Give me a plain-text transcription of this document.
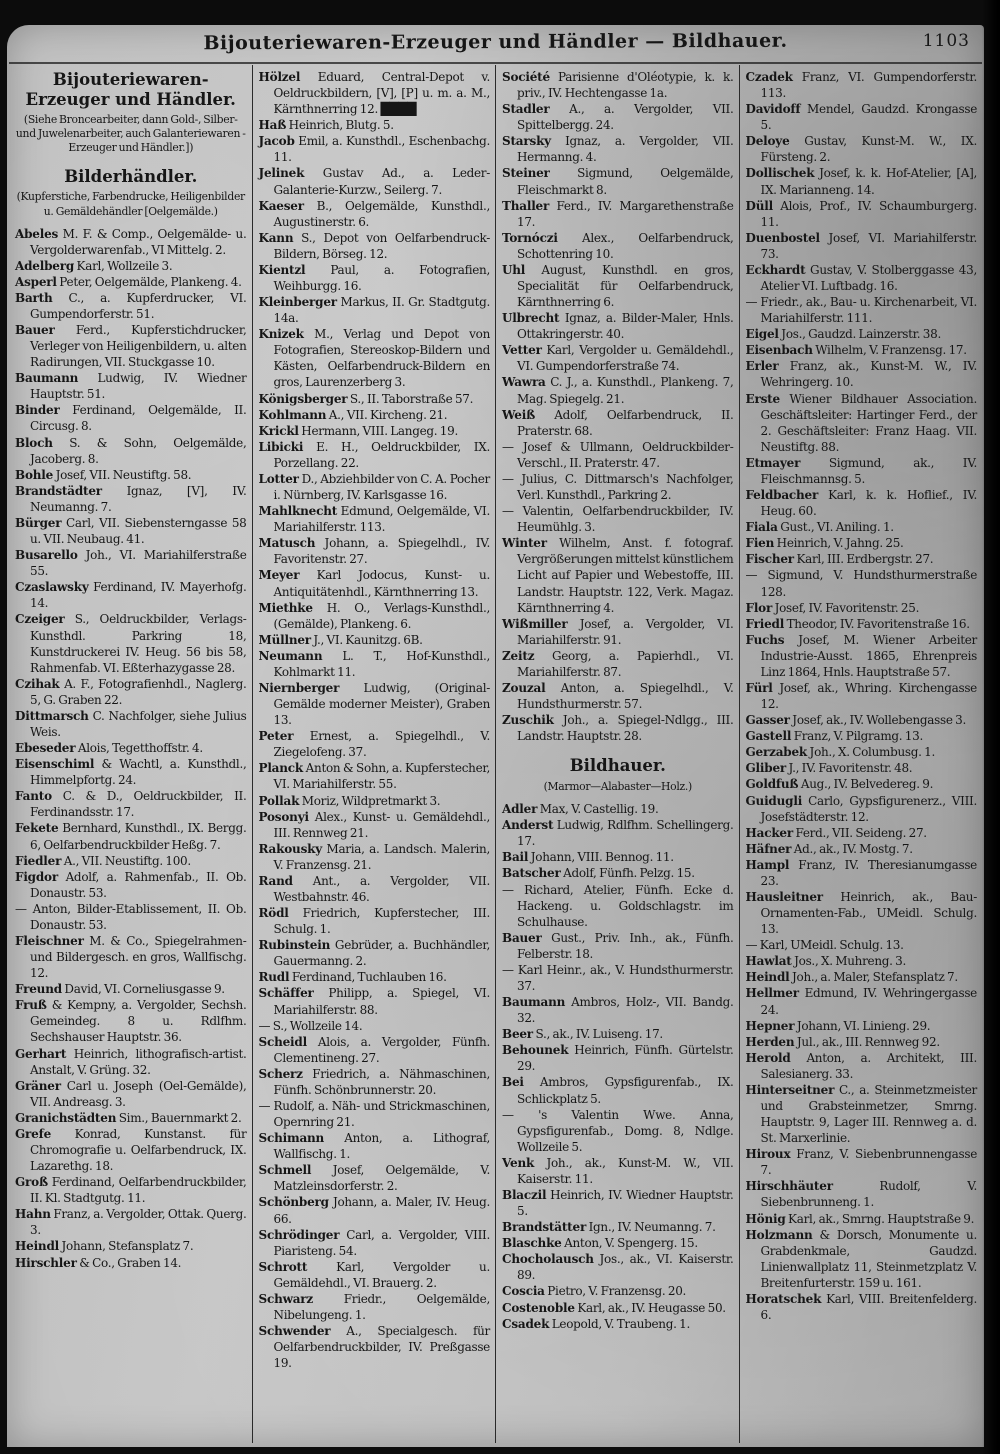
Bijouteriewaren-Erzeuger und Händler — Bildhauer.	1103
Bijouteriewaren-Erzeuger und Händler.
(Siehe Broncearbeiter, dann Gold-, Silber- und Juwelenarbeiter, auch Galanteriewaren - Erzeuger und Händler.])
Bilderhändler.
(Kupferstiche, Farbendrucke, Heiligenbilder u. Gemäldehändler [Oelgemälde.)
Abeles M. F. & Comp., Oelgemälde- u. Vergolderwarenfab., VI Mittelg. 2.
Adelberg Karl, Wollzeile 3.
Asperl Peter, Oelgemälde, Plankeng. 4.
Barth C., a. Kupferdrucker, VI. Gumpendorferstr. 51.
Bauer Ferd., Kupferstichdrucker, Verleger von Heiligenbildern, u. alten Radirungen, VII. Stuckgasse 10.
Baumann Ludwig, IV. Wiedner Hauptstr. 51.
Binder Ferdinand, Oelgemälde, II. Circusg. 8.
Bloch S. & Sohn, Oelgemälde, Jacoberg. 8.
Bohle Josef, VII. Neustiftg. 58.
Brandstädter Ignaz, [V], IV. Neumanng. 7.
Bürger Carl, VII. Siebensterngasse 58 u. VII. Neubaug. 41.
Busarello Joh., VI. Mariahilferstraße 55.
Czaslawsky Ferdinand, IV. Mayerhofg. 14.
Czeiger S., Oeldruckbilder, Verlags-Kunsthdl. Parkring 18, Kunstdruckerei IV. Heug. 56 bis 58, Rahmenfab. VI. Eßterhazygasse 28.
Czihak A. F., Fotografienhdl., Naglerg. 5, G. Graben 22.
Dittmarsch C. Nachfolger, siehe Julius Weis.
Ebeseder Alois, Tegetthoffstr. 4.
Eisenschiml & Wachtl, a. Kunsthdl., Himmelpfortg. 24.
Fanto C. & D., Oeldruckbilder, II. Ferdinandsstr. 17.
Fekete Bernhard, Kunsthdl., IX. Bergg. 6, Oelfarbendruckbilder Heßg. 7.
Fiedler A., VII. Neustiftg. 100.
Figdor Adolf, a. Rahmenfab., II. Ob. Donaustr. 53.
— Anton, Bilder-Etablissement, II. Ob. Donaustr. 53.
Fleischner M. & Co., Spiegelrahmen- und Bildergesch. en gros, Wallfischg. 12.
Freund David, VI. Corneliusgasse 9.
Fruß & Kempny, a. Vergolder, Sechsh. Gemeindeg. 8 u. Rdlfhm. Sechshauser Hauptstr. 36.
Gerhart Heinrich, lithografisch-artist. Anstalt, V. Grüng. 32.
Gräner Carl u. Joseph (Oel-Gemälde), VII. Andreasg. 3.
Granichstädten Sim., Bauernmarkt 2.
Grefe Konrad, Kunstanst. für Chromografie u. Oelfarbendruck, IX. Lazarethg. 18.
Groß Ferdinand, Oelfarbendruckbilder, II. Kl. Stadtgutg. 11.
Hahn Franz, a. Vergolder, Ottak. Querg. 3.
Heindl Johann, Stefansplatz 7.
Hirschler & Co., Graben 14.
Hölzel Eduard, Central-Depot v. Oeldruckbildern, [V], [P] u. m. a. M., Kärnthnerring 12. ████
Haß Heinrich, Blutg. 5.
Jacob Emil, a. Kunsthdl., Eschenbachg. 11.
Jelinek Gustav Ad., a. Leder-Galanterie-Kurzw., Seilerg. 7.
Kaeser B., Oelgemälde, Kunsthdl., Augustinerstr. 6.
Kann S., Depot von Oelfarbendruck-Bildern, Börseg. 12.
Kientzl Paul, a. Fotografien, Weihburgg. 16.
Kleinberger Markus, II. Gr. Stadtgutg. 14a.
Knizek M., Verlag und Depot von Fotografien, Stereoskop-Bildern und Kästen, Oelfarbendruck-Bildern en gros, Laurenzerberg 3.
Königsberger S., II. Taborstraße 57.
Kohlmann A., VII. Kircheng. 21.
Krickl Hermann, VIII. Langeg. 19.
Libicki E. H., Oeldruckbilder, IX. Porzellang. 22.
Lotter D., Abziehbilder von C. A. Pocher i. Nürnberg, IV. Karlsgasse 16.
Mahlknecht Edmund, Oelgemälde, VI. Mariahilferstr. 113.
Matusch Johann, a. Spiegelhdl., IV. Favoritenstr. 27.
Meyer Karl Jodocus, Kunst- u. Antiquitätenhdl., Kärnthnerring 13.
Miethke H. O., Verlags-Kunsthdl., (Gemälde), Plankeng. 6.
Müllner J., VI. Kaunitzg. 6B.
Neumann L. T., Hof-Kunsthdl., Kohlmarkt 11.
Niernberger Ludwig, (Original-Gemälde moderner Meister), Graben 13.
Peter Ernest, a. Spiegelhdl., V. Ziegelofeng. 37.
Planck Anton & Sohn, a. Kupferstecher, VI. Mariahilferstr. 55.
Pollak Moriz, Wildpretmarkt 3.
Posonyi Alex., Kunst- u. Gemäldehdl., III. Rennweg 21.
Rakousky Maria, a. Landsch. Malerin, V. Franzensg. 21.
Rand Ant., a. Vergolder, VII. Westbahnstr. 46.
Rödl Friedrich, Kupferstecher, III. Schulg. 1.
Rubinstein Gebrüder, a. Buchhändler, Gauermanng. 2.
Rudl Ferdinand, Tuchlauben 16.
Schäffer Philipp, a. Spiegel, VI. Mariahilferstr. 88.
— S., Wollzeile 14.
Scheidl Alois, a. Vergolder, Fünfh. Clementineng. 27.
Scherz Friedrich, a. Nähmaschinen, Fünfh. Schönbrunnerstr. 20.
— Rudolf, a. Näh- und Strickmaschinen, Opernring 21.
Schimann Anton, a. Lithograf, Wallfischg. 1.
Schmell Josef, Oelgemälde, V. Matzleinsdorferstr. 2.
Schönberg Johann, a. Maler, IV. Heug. 66.
Schrödinger Carl, a. Vergolder, VIII. Piaristeng. 54.
Schrott Karl, Vergolder u. Gemäldehdl., VI. Brauerg. 2.
Schwarz Friedr., Oelgemälde, Nibelungeng. 1.
Schwender A., Specialgesch. für Oelfarbendruckbilder, IV. Preßgasse 19.
Société Parisienne d'Oléotypie, k. k. priv., IV. Hechtengasse 1a.
Stadler A., a. Vergolder, VII. Spittelbergg. 24.
Starsky Ignaz, a. Vergolder, VII. Hermanng. 4.
Steiner Sigmund, Oelgemälde, Fleischmarkt 8.
Thaller Ferd., IV. Margarethenstraße 17.
Tornóczi Alex., Oelfarbendruck, Schottenring 10.
Uhl August, Kunsthdl. en gros, Specialität für Oelfarbendruck, Kärnthnerring 6.
Ulbrecht Ignaz, a. Bilder-Maler, Hnls. Ottakringerstr. 40.
Vetter Karl, Vergolder u. Gemäldehdl., VI. Gumpendorferstraße 74.
Wawra C. J., a. Kunsthdl., Plankeng. 7, Mag. Spiegelg. 21.
Weiß Adolf, Oelfarbendruck, II. Praterstr. 68.
— Josef & Ullmann, Oeldruckbilder-Verschl., II. Praterstr. 47.
— Julius, C. Dittmarsch's Nachfolger, Verl. Kunsthdl., Parkring 2.
— Valentin, Oelfarbendruckbilder, IV. Heumühlg. 3.
Winter Wilhelm, Anst. f. fotograf. Vergrößerungen mittelst künstlichem Licht auf Papier und Webestoffe, III. Landstr. Hauptstr. 122, Verk. Magaz. Kärnthnerring 4.
Wißmiller Josef, a. Vergolder, VI. Mariahilferstr. 91.
Zeitz Georg, a. Papierhdl., VI. Mariahilferstr. 87.
Zouzal Anton, a. Spiegelhdl., V. Hundsthurmerstr. 57.
Zuschik Joh., a. Spiegel-Ndlgg., III. Landstr. Hauptstr. 28.
Bildhauer.
(Marmor—Alabaster—Holz.)
Adler Max, V. Castellig. 19.
Anderst Ludwig, Rdlfhm. Schellingerg. 17.
Bail Johann, VIII. Bennog. 11.
Batscher Adolf, Fünfh. Pelzg. 15.
— Richard, Atelier, Fünfh. Ecke d. Hackeng. u. Goldschlagstr. im Schulhause.
Bauer Gust., Priv. Inh., ak., Fünfh. Felberstr. 18.
— Karl Heinr., ak., V. Hundsthurmerstr. 37.
Baumann Ambros, Holz-, VII. Bandg. 32.
Beer S., ak., IV. Luiseng. 17.
Behounek Heinrich, Fünfh. Gürtelstr. 29.
Bei Ambros, Gypsfigurenfab., IX. Schlickplatz 5.
— 's Valentin Wwe. Anna, Gypsfigurenfab., Domg. 8, Ndlge. Wollzeile 5.
Venk Joh., ak., Kunst-M. W., VII. Kaiserstr. 11.
Blaczil Heinrich, IV. Wiedner Hauptstr. 5.
Brandstätter Ign., IV. Neumanng. 7.
Blaschke Anton, V. Spengerg. 15.
Chocholausch Jos., ak., VI. Kaiserstr. 89.
Coscia Pietro, V. Franzensg. 20.
Costenoble Karl, ak., IV. Heugasse 50.
Csadek Leopold, V. Traubeng. 1.
Czadek Franz, VI. Gumpendorferstr. 113.
Davidoff Mendel, Gaudzd. Krongasse 5.
Deloye Gustav, Kunst-M. W., IX. Fürsteng. 2.
Dollischek Josef, k. k. Hof-Atelier, [A], IX. Marianneng. 14.
Düll Alois, Prof., IV. Schaumburgerg. 11.
Duenbostel Josef, VI. Mariahilferstr. 73.
Eckhardt Gustav, V. Stolberggasse 43, Atelier VI. Luftbadg. 16.
— Friedr., ak., Bau- u. Kirchenarbeit, VI. Mariahilferstr. 111.
Eigel Jos., Gaudzd. Lainzerstr. 38.
Eisenbach Wilhelm, V. Franzensg. 17.
Erler Franz, ak., Kunst-M. W., IV. Wehringerg. 10.
Erste Wiener Bildhauer Association. Geschäftsleiter: Hartinger Ferd., der 2. Geschäftsleiter: Franz Haag. VII. Neustiftg. 88.
Etmayer Sigmund, ak., IV. Fleischmannsg. 5.
Feldbacher Karl, k. k. Hoflief., IV. Heug. 60.
Fiala Gust., VI. Aniling. 1.
Fien Heinrich, V. Jahng. 25.
Fischer Karl, III. Erdbergstr. 27.
— Sigmund, V. Hundsthurmerstraße 128.
Flor Josef, IV. Favoritenstr. 25.
Friedl Theodor, IV. Favoritenstraße 16.
Fuchs Josef, M. Wiener Arbeiter Industrie-Ausst. 1865, Ehrenpreis Linz 1864, Hnls. Hauptstraße 57.
Fürl Josef, ak., Whring. Kirchengasse 12.
Gasser Josef, ak., IV. Wollebengasse 3.
Gastell Franz, V. Pilgramg. 13.
Gerzabek Joh., X. Columbusg. 1.
Gliber J., IV. Favoritenstr. 48.
Goldfuß Aug., IV. Belvedereg. 9.
Guidugli Carlo, Gypsfigurenerz., VIII. Josefstädterstr. 12.
Hacker Ferd., VII. Seideng. 27.
Häfner Ad., ak., IV. Mostg. 7.
Hampl Franz, IV. Theresianumgasse 23.
Hausleitner Heinrich, ak., Bau-Ornamenten-Fab., UMeidl. Schulg. 13.
— Karl, UMeidl. Schulg. 13.
Hawlat Jos., X. Muhreng. 3.
Heindl Joh., a. Maler, Stefansplatz 7.
Hellmer Edmund, IV. Wehringergasse 24.
Hepner Johann, VI. Linieng. 29.
Herden Jul., ak., III. Rennweg 92.
Herold Anton, a. Architekt, III. Salesianerg. 33.
Hinterseitner C., a. Steinmetzmeister und Grabsteinmetzer, Smrng. Hauptstr. 9, Lager III. Rennweg a. d. St. Marxerlinie.
Hiroux Franz, V. Siebenbrunnengasse 7.
Hirschhäuter Rudolf, V. Siebenbrunneng. 1.
Hönig Karl, ak., Smrng. Hauptstraße 9.
Holzmann & Dorsch, Monumente u. Grabdenkmale, Gaudzd. Linienwallplatz 11, Steinmetzplatz V. Breitenfurterstr. 159 u. 161.
Horatschek Karl, VIII. Breitenfelderg. 6.
